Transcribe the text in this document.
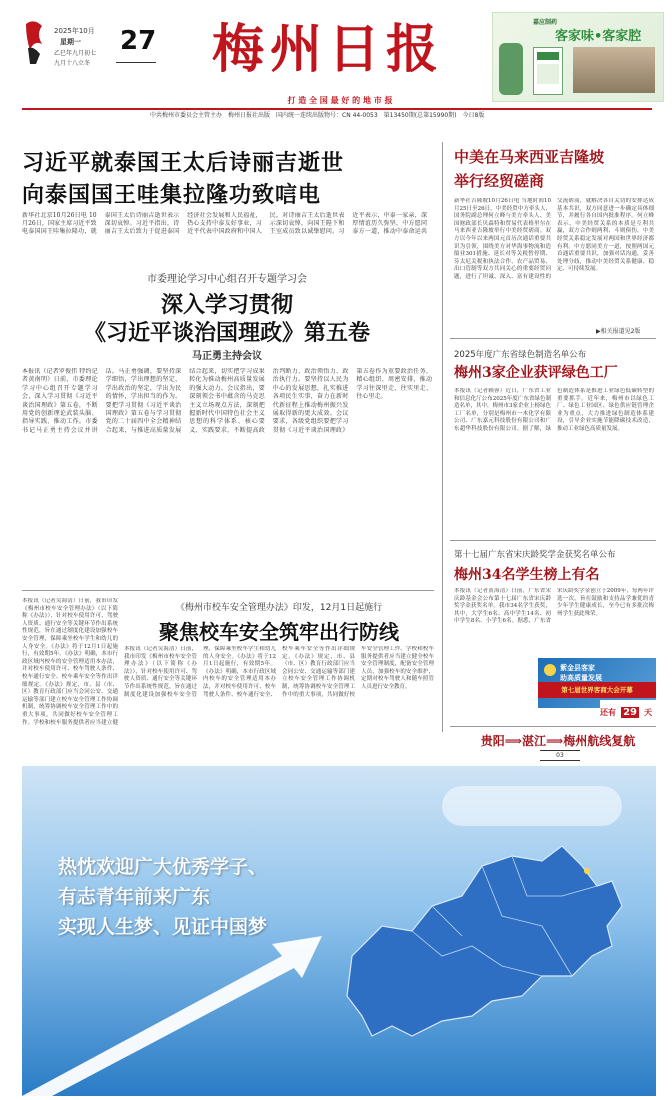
2025年10月
星期一
乙巳年九月初七
九月十八立冬
27	梅州日报
打 造 全 国 最 好 的 地 市 报
嘉应制药
客家味•客家腔
中共梅州市委员会主管主办　梅州日报社出版　国内统一连续出版物号：CN 44-0053　第13450期(总第15990期)　今日8版
习近平就泰国王太后诗丽吉逝世
向泰国国王哇集拉隆功致唁电
新华社北京10月26日电 10月26日，国家主席习近平致电泰国国王哇集拉隆功，就泰国王太后诗丽吉逝世表示深切哀悼。习近平指出，诗丽吉王太后致力于促进泰国经济社会发展和人民福祉，热心支持中泰友好事业，习近平代表中国政府和中国人民，对诗丽吉王太后逝世表示深切哀悼，向国王陛下和王室成员致以诚挚慰问。习近平表示，中泰一家亲，深厚情谊历久弥坚，中方愿同泰方一道，推动中泰命运共
市委理论学习中心组召开专题学习会
深入学习贯彻
《习近平谈治国理政》第五卷
马正勇主持会议
本报讯（记者罗俊伟 特约记者黄南明）日前，市委理论学习中心组召开专题学习会，深入学习贯彻《习近平谈治国理政》第五卷，不断用党的创新理论武装头脑、指导实践、推动工作。市委书记马正勇主持会议并讲话。马正勇强调，要坚持深学细悟，学出理想的坚定，学出政治的坚定，学出为民的情怀，学出担当的作为。要把学习贯彻《习近平谈治国理政》第五卷与学习贯彻党的二十届四中全会精神结合起来，与推进高质量发展结合起来，切实把学习成果转化为推动梅州高质量发展的强大动力。会议指出，要深刻领会书中蕴含的马克思主义立场观点方法，深刻把握新时代中国特色社会主义思想的科学体系、核心要义、实践要求，不断提高政治判断力、政治领悟力、政治执行力。要坚持以人民为中心的发展思想，扎实推进各项民生实事，奋力在新时代新征程上推动梅州振兴发展取得新的更大成效。会议要求，各级党组织要把学习贯彻《习近平谈治国理政》第五卷作为重要政治任务，精心组织、周密安排，推动学习往深里走、往实里走、往心里走。
中美在马来西亚吉隆坡
举行经贸磋商
新华社吉隆坡10月26日电 当地时间10月25日至26日，中美经贸中方牵头人、国务院副总理何立峰与美方牵头人、美国财政部长贝森特和贸易代表格里尔在马来西亚吉隆坡举行中美经贸磋商。双方以今年以来两国元首历次通话重要共识为引领，围绕美方对华海事物流和造船业301措施、延长对等关税暂停期、芬太尼关税和执法合作、农产品贸易、出口管制等双方共同关心的重要经贸问题，进行了坦诚、深入、富有建设性的交流磋商，就解决各自关切的安排达成基本共识，双方同意进一步确定具体细节，并履行各自国内批准程序。何立峰表示，中美经贸关系的本质是互利共赢，双方合作则两利、斗则俱伤。中美经贸关系稳定发展对两国和世界经济都有利。中方愿同美方一道，按照两国元首通话重要共识，加强对话沟通，妥善处理分歧，推动中美经贸关系健康、稳定、可持续发展。
▶相关报道见2版
2025年度广东省绿色制造名单公布
梅州3家企业获评绿色工厂
本报讯（记者赖蓉）近日，广东省工业和信息化厅公布2025年度广东省绿色制造名单，其中，梅州市3家企业上榜绿色工厂名单，分别是梅州市一木化学有限公司、广东嘉元科技股份有限公司和广东超华科技股份有限公司。据了解，绿色制造体系是推进工业绿色低碳转型的重要抓手。近年来，梅州市以绿色工厂、绿色工业园区、绿色供应链管理企业为重点，大力推进绿色制造体系建设，引导企业实施节能降碳技术改造，推动工业绿色高质量发展。
第十七届广东省宋庆龄奖学金获奖名单公布
梅州34名学生榜上有名
本报讯（记者黄海清）日前，广东省宋庆龄基金会公布第十七届广东省宋庆龄奖学金获奖名单。我市34名学生获奖，其中，大学生6名、高中学生14名、初中学生8名、小学生6名。据悉，广东省宋庆龄奖学金创立于2009年，每两年评选一次，旨在鼓励和支持品学兼优的青少年学生健康成长，至今已有多批次梅州学生获此殊荣。
本报讯（记者吴海清）日前，我市印发《梅州市校车安全管理办法》（以下简称《办法》），针对校车使用许可、驾驶人资质、通行安全等关键环节作出系统性规范，旨在通过制度化建设加强校车安全管理，保障乘坐校车学生和幼儿的人身安全。《办法》将于12月1日起施行，有效期5年。《办法》明确，本市行政区域内校车的安全管理适用本办法，并对校车使用许可、校车驾驶人条件、校车通行安全、校车乘车安全等作出详细规定。《办法》规定，市、县（市、区）教育行政部门应当会同公安、交通运输等部门建立校车安全管理工作协调机制，统筹协调校车安全管理工作中的重大事项，共同做好校车安全管理工作。学校和校车服务提供者应当建立健
《梅州市校车安全管理办法》印发，12月1日起施行
聚焦校车安全筑牢出行防线
本报讯（记者吴海清）日前，我市印发《梅州市校车安全管理办法》（以下简称《办法》），针对校车使用许可、驾驶人资质、通行安全等关键环节作出系统性规范，旨在通过制度化建设加强校车安全管理，保障乘坐校车学生和幼儿的人身安全。《办法》将于12月1日起施行，有效期5年。《办法》明确，本市行政区域内校车的安全管理适用本办法，并对校车使用许可、校车驾驶人条件、校车通行安全、校车乘车安全等作出详细规定。《办法》规定，市、县（市、区）教育行政部门应当会同公安、交通运输等部门建立校车安全管理工作协调机制，统筹协调校车安全管理工作中的重大事项，共同做好校车安全管理工作。学校和校车服务提供者应当建立健全校车安全管理制度，配备安全管理人员，加强校车的安全维护，定期对校车驾驶人和随车照管人员进行安全教育。
紫金县客家
助高质量发展
第七届世界客商大会开幕
还有 29 天
贵阳⟹湛江⟹梅州航线复航
03
热忱欢迎广大优秀学子、
有志青年前来广东
实现人生梦、见证中国梦
